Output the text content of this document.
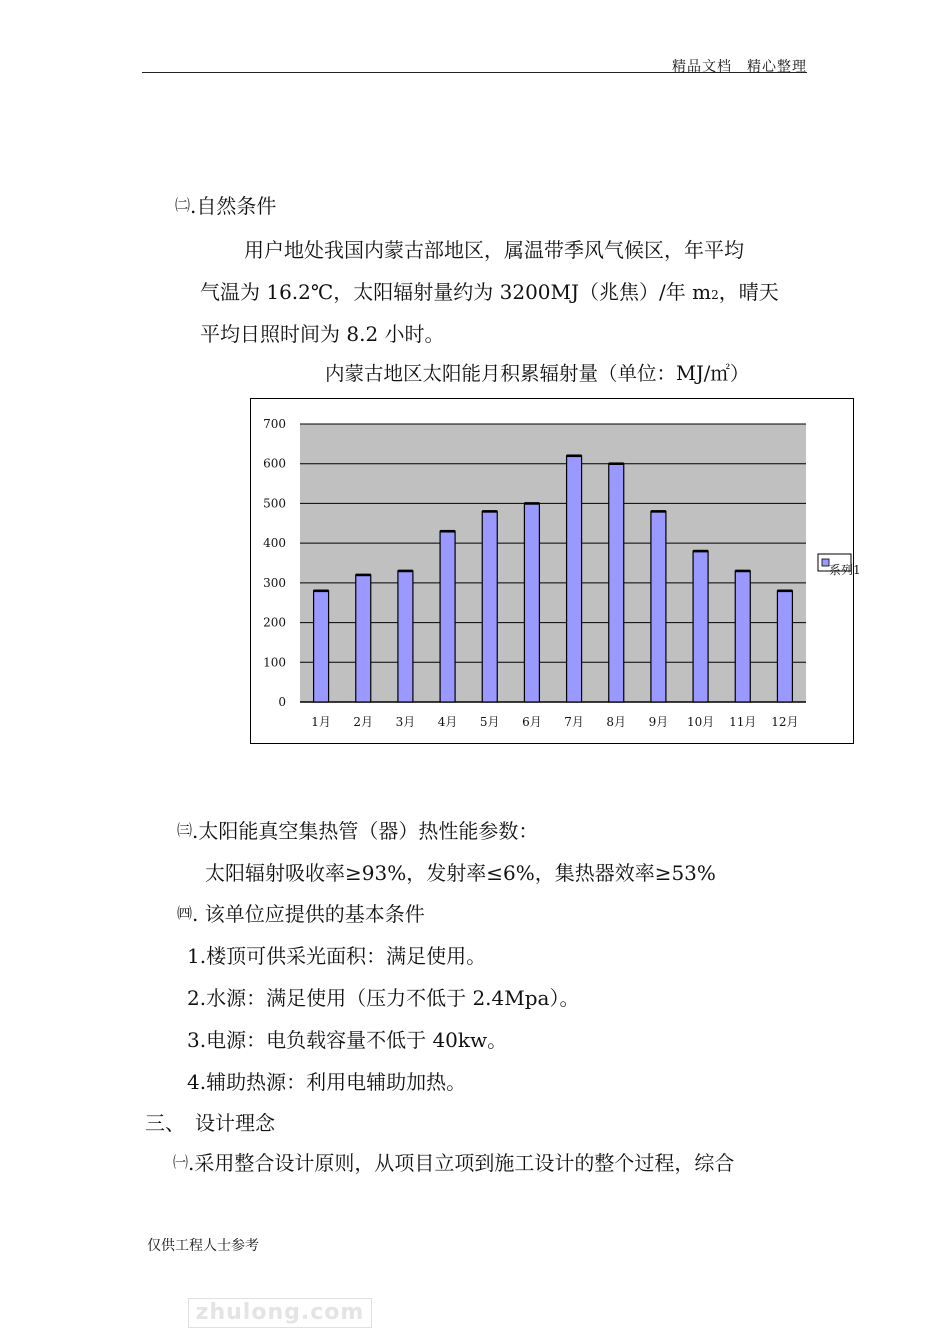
精品文档　精心整理
㈡.自然条件
用户地处我国内蒙古部地区，属温带季风气候区，年平均
气温为 16.2℃，太阳辐射量约为 3200MJ（兆焦）/年 m2，晴天
平均日照时间为 8.2 小时。
内蒙古地区太阳能月积累辐射量（单位：MJ/㎡）
0
100
200
300
400
500
600
700
1月 2月 3月 4月 5月 6月 7月 8月 9月 10月 11月 12月
系列1
㈢.太阳能真空集热管（器）热性能参数：
太阳辐射吸收率≥93%，发射率≤6%，集热器效率≥53%
㈣. 该单位应提供的基本条件
1.楼顶可供采光面积：满足使用。
2.水源：满足使用（压力不低于 2.4Mpa）。
3.电源：电负载容量不低于 40kw。
4.辅助热源：利用电辅助加热。
三、　设计理念
㈠.采用整合设计原则，从项目立项到施工设计的整个过程，综合
仅供工程人士参考
zhulong.com
